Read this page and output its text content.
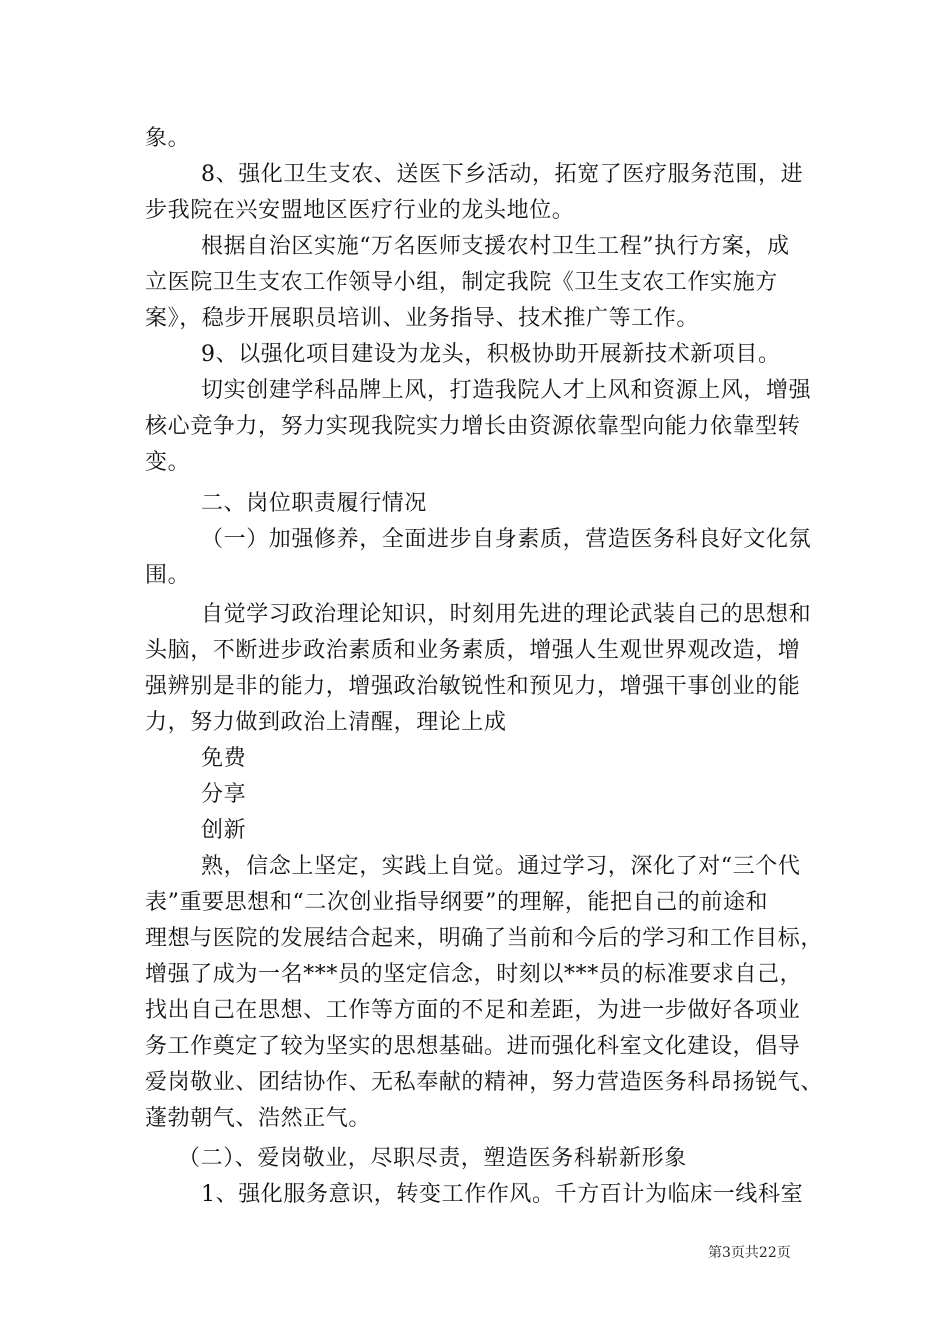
象。
8、强化卫生支农、送医下乡活动，拓宽了医疗服务范围，进
步我院在兴安盟地区医疗行业的龙头地位。
根据自治区实施“万名医师支援农村卫生工程”执行方案，成
立医院卫生支农工作领导小组，制定我院《卫生支农工作实施方
案》，稳步开展职员培训、业务指导、技术推广等工作。
9、以强化项目建设为龙头，积极协助开展新技术新项目。
切实创建学科品牌上风，打造我院人才上风和资源上风，增强
核心竞争力，努力实现我院实力增长由资源依靠型向能力依靠型转
变。
二、岗位职责履行情况
（一）加强修养，全面进步自身素质，营造医务科良好文化氛
围。
自觉学习政治理论知识，时刻用先进的理论武装自己的思想和
头脑，不断进步政治素质和业务素质，增强人生观世界观改造，增
强辨别是非的能力，增强政治敏锐性和预见力，增强干事创业的能
力，努力做到政治上清醒，理论上成
免费
分享
创新
熟，信念上坚定，实践上自觉。通过学习，深化了对“三个代
表”重要思想和“二次创业指导纲要”的理解，能把自己的前途和
理想与医院的发展结合起来，明确了当前和今后的学习和工作目标，
增强了成为一名***员的坚定信念，时刻以***员的标准要求自己，
找出自己在思想、工作等方面的不足和差距，为进一步做好各项业
务工作奠定了较为坚实的思想基础。进而强化科室文化建设，倡导
爱岗敬业、团结协作、无私奉献的精神，努力营造医务科昂扬锐气、
蓬勃朝气、浩然正气。
（二）、爱岗敬业，尽职尽责，塑造医务科崭新形象
1、强化服务意识，转变工作作风。千方百计为临床一线科室
第3页共22页
